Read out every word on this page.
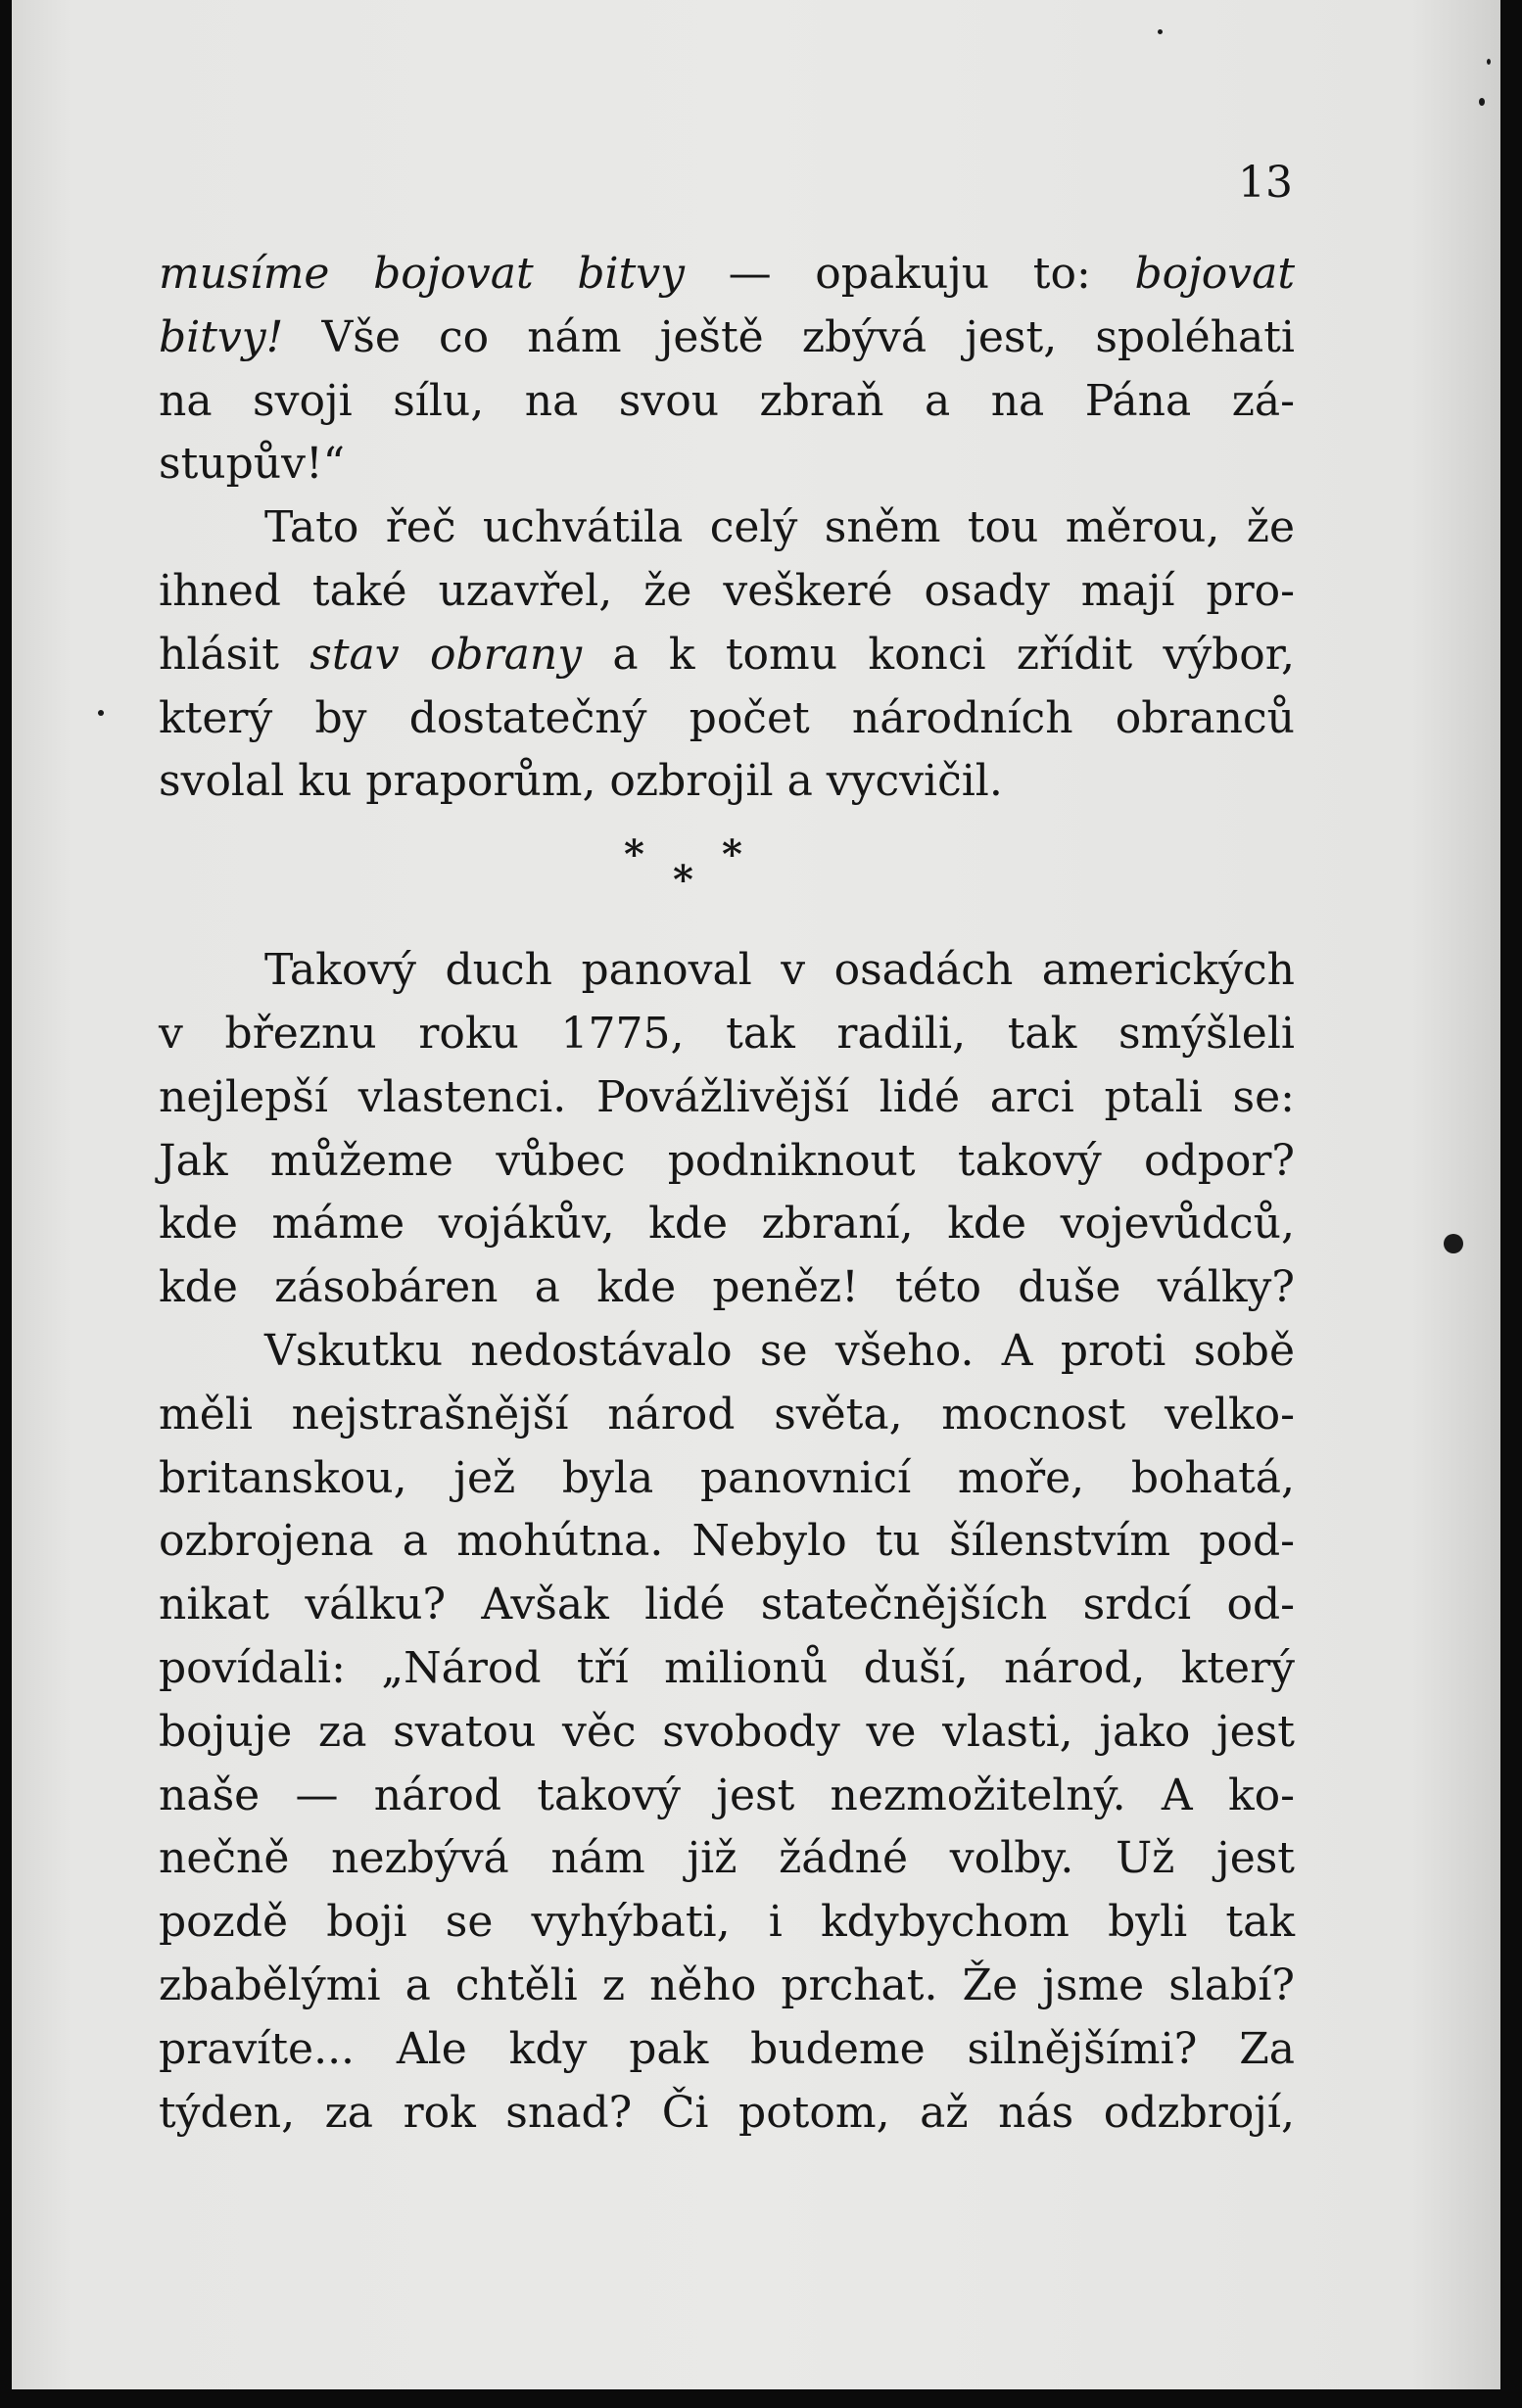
13
musíme bojovat bitvy — opakuju to: bojovat
bitvy! Vše co nám ještě zbývá jest, spoléhati
na svoji sílu, na svou zbraň a na Pána zá-
stupův!“
Tato řeč uchvátila celý sněm tou měrou, že
ihned také uzavřel, že veškeré osady mají pro-
hlásit stav obrany a k tomu konci zřídit výbor,
který by dostatečný počet národních obranců
svolal ku praporům, ozbrojil a vycvičil.
* *
*
Takový duch panoval v osadách amerických
v březnu roku 1775, tak radili, tak smýšleli
nejlepší vlastenci. Povážlivější lidé arci ptali se:
Jak můžeme vůbec podniknout takový odpor?
kde máme vojákův, kde zbraní, kde vojevůdců,
kde zásobáren a kde peněz! této duše války?
Vskutku nedostávalo se všeho. A proti sobě
měli nejstrašnější národ světa, mocnost velko-
britanskou, jež byla panovnicí moře, bohatá,
ozbrojena a mohútna. Nebylo tu šílenstvím pod-
nikat válku? Avšak lidé statečnějších srdcí od-
povídali: „Národ tří milionů duší, národ, který
bojuje za svatou věc svobody ve vlasti, jako jest
naše — národ takový jest nezmožitelný. A ko-
nečně nezbývá nám již žádné volby. Už jest
pozdě boji se vyhýbati, i kdybychom byli tak
zbabělými a chtěli z něho prchat. Že jsme slabí?
pravíte... Ale kdy pak budeme silnějšími? Za
týden, za rok snad? Či potom, až nás odzbrojí,
